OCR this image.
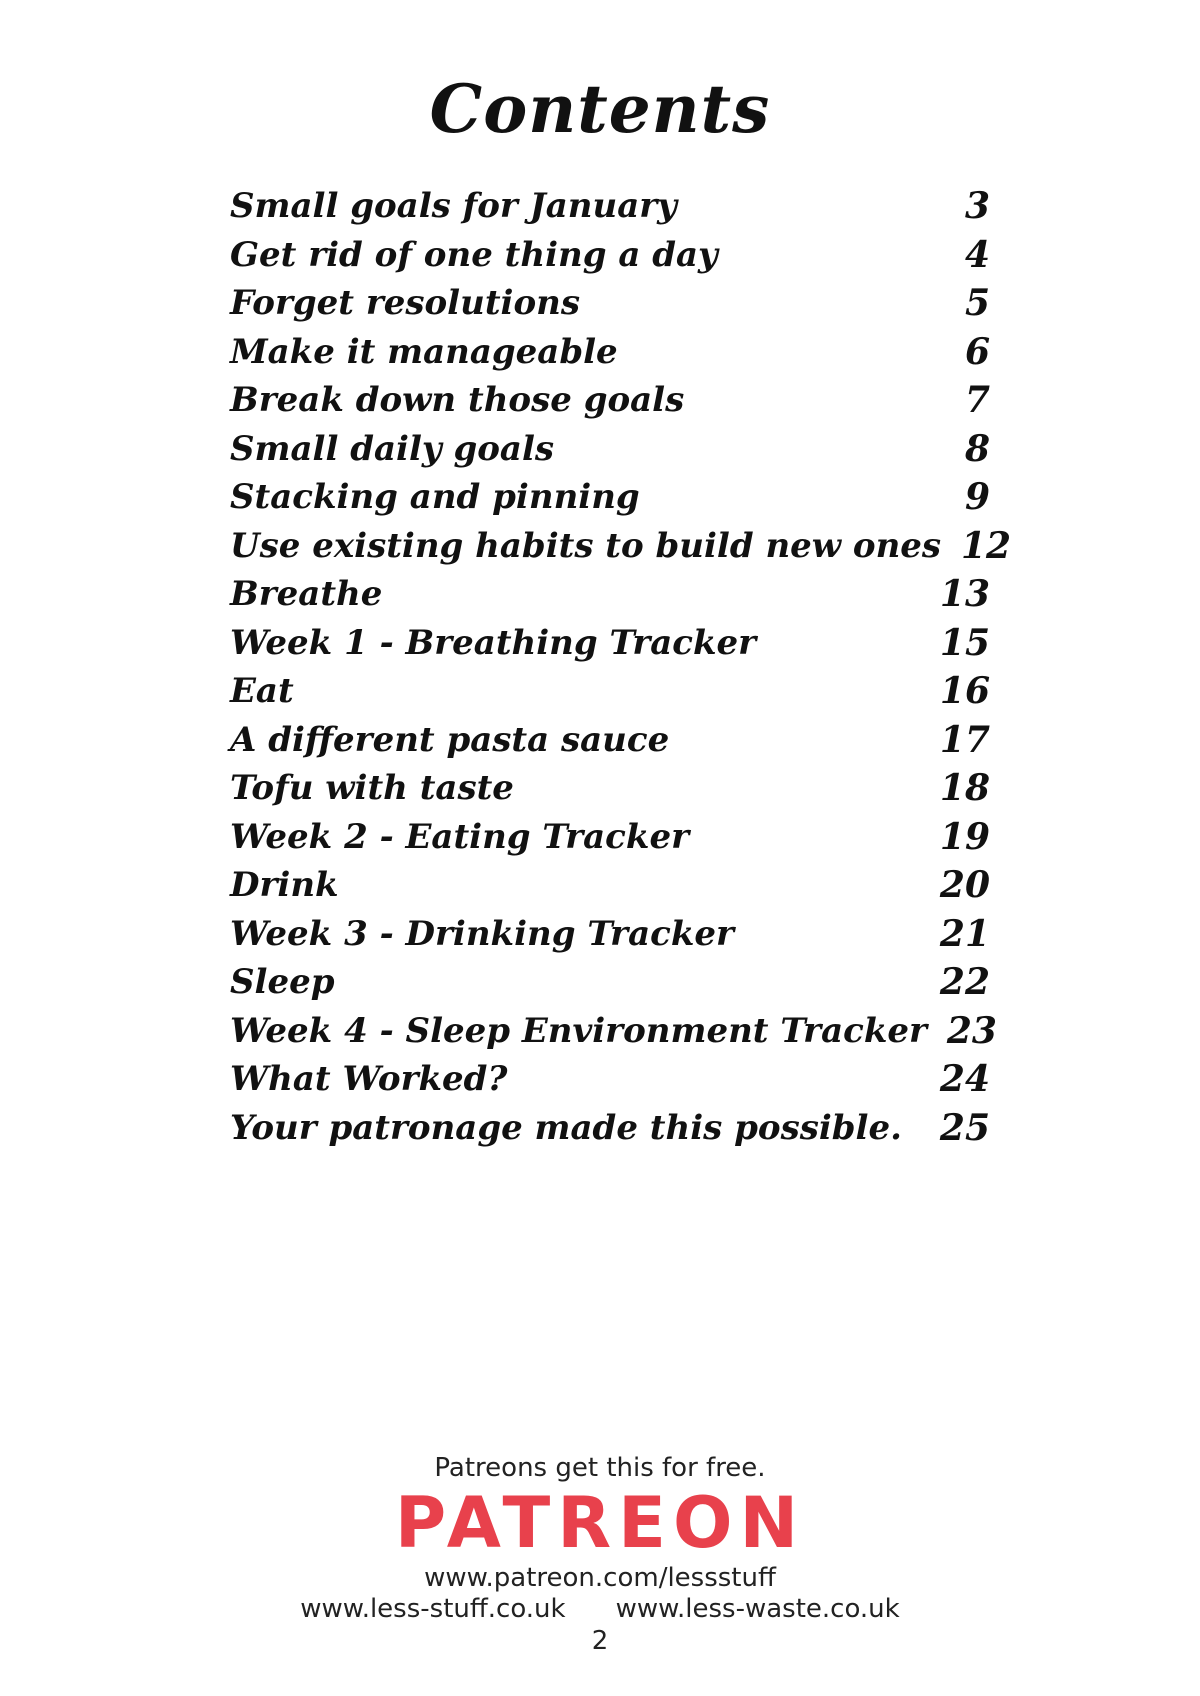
Contents
Small goals for January	3
Get rid of one thing a day	4
Forget resolutions	5
Make it manageable	6
Break down those goals	7
Small daily goals	8
Stacking and pinning	9
Use existing habits to build new ones 12
Breathe	13
Week 1 - Breathing Tracker	15
Eat	16
A different pasta sauce	17
Tofu with taste	18
Week 2 - Eating Tracker	19
Drink	20
Week 3 - Drinking Tracker	21
Sleep	22
Week 4 - Sleep Environment Tracker 23
What Worked?	24
Your patronage made this possible.	25
Patreons get this for free.
PATREON
www.patreon.com/lessstuff
www.less-stuff.co.uk www.less-waste.co.uk
2
